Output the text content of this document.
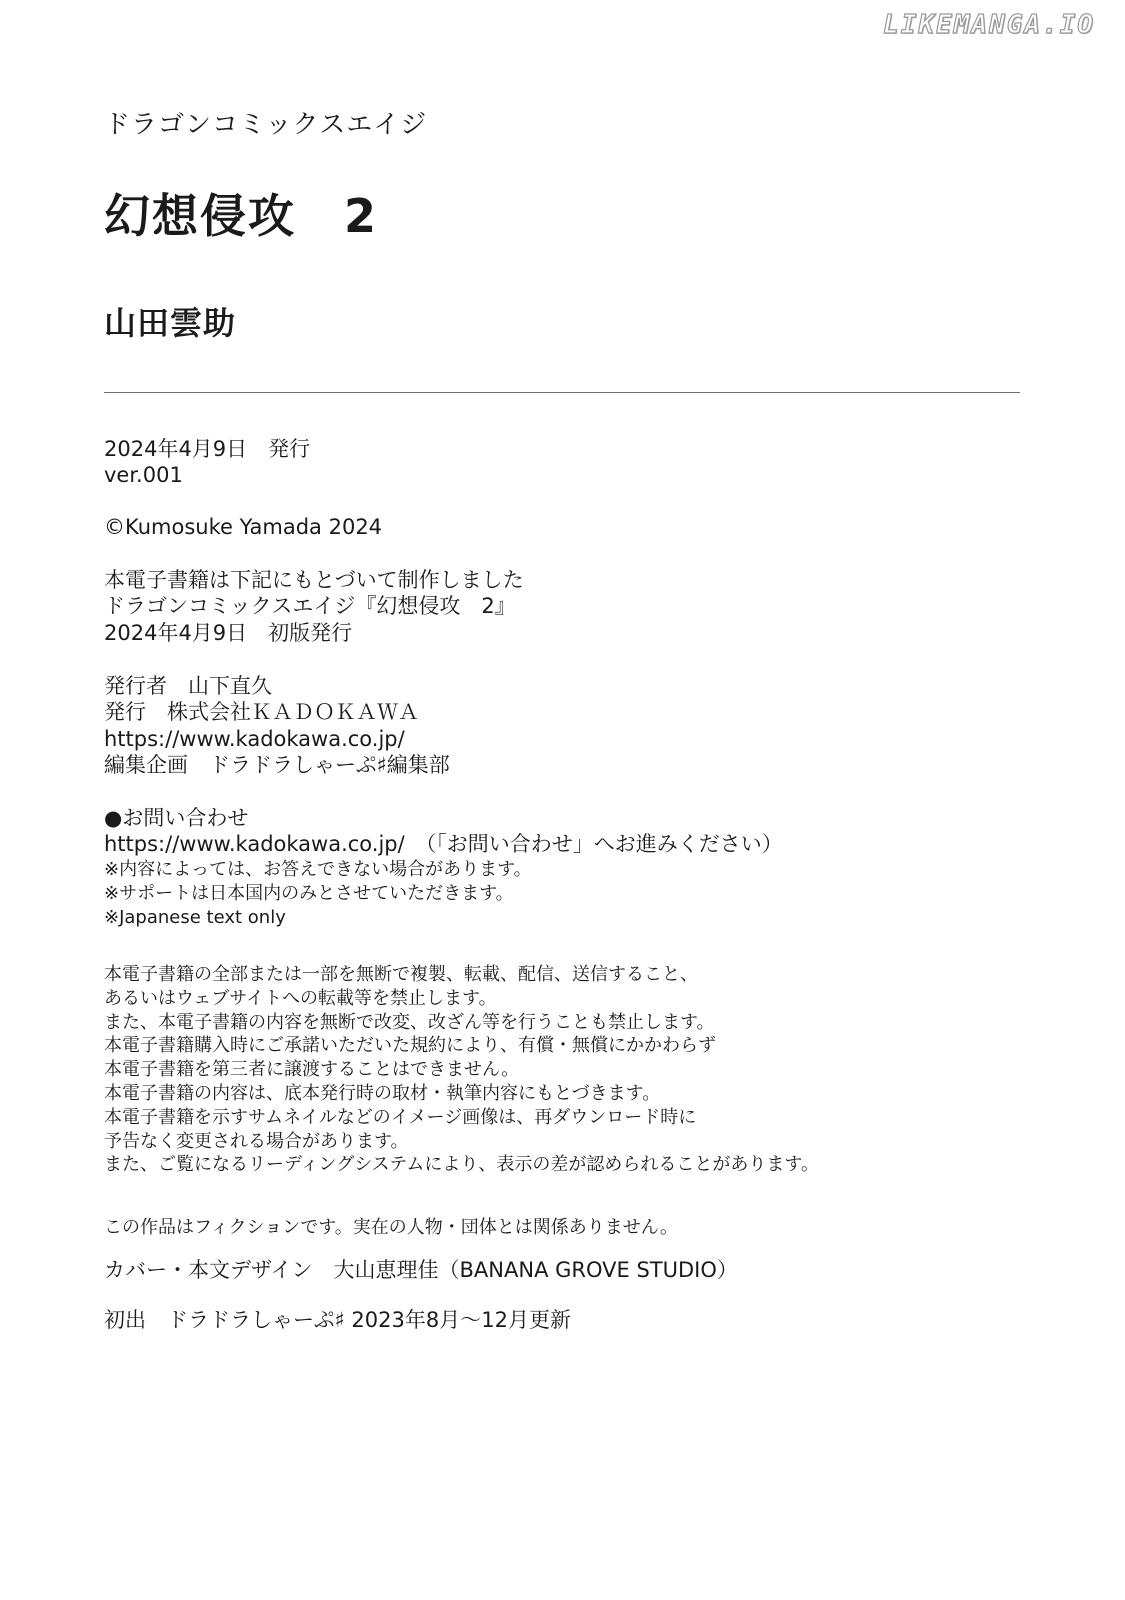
LIKEMANGA.IO
ドラゴンコミックスエイジ
幻想侵攻　2
山田雲助
2024年4月9日　発行
ver.001
©Kumosuke Yamada 2024
本電子書籍は下記にもとづいて制作しました
ドラゴンコミックスエイジ『幻想侵攻　2』
2024年4月9日　初版発行
発行者　山下直久
発行　株式会社ＫＡＤＯＫＡＷＡ
https://www.kadokawa.co.jp/
編集企画　ドラドラしゃーぷ♯編集部
●お問い合わせ
https://www.kadokawa.co.jp/　（「お問い合わせ」へお進みください）
※内容によっては、お答えできない場合があります。
※サポートは日本国内のみとさせていただきます。
※Japanese text only
本電子書籍の全部または一部を無断で複製、転載、配信、送信すること、
あるいはウェブサイトへの転載等を禁止します。
また、本電子書籍の内容を無断で改変、改ざん等を行うことも禁止します。
本電子書籍購入時にご承諾いただいた規約により、有償・無償にかかわらず
本電子書籍を第三者に譲渡することはできません。
本電子書籍の内容は、底本発行時の取材・執筆内容にもとづきます。
本電子書籍を示すサムネイルなどのイメージ画像は、再ダウンロード時に
予告なく変更される場合があります。
また、ご覧になるリーディングシステムにより、表示の差が認められることがあります。
この作品はフィクションです。実在の人物・団体とは関係ありません。
カバー・本文デザイン　大山恵理佳（BANANA GROVE STUDIO）
初出　ドラドラしゃーぷ♯ 2023年8月～12月更新
